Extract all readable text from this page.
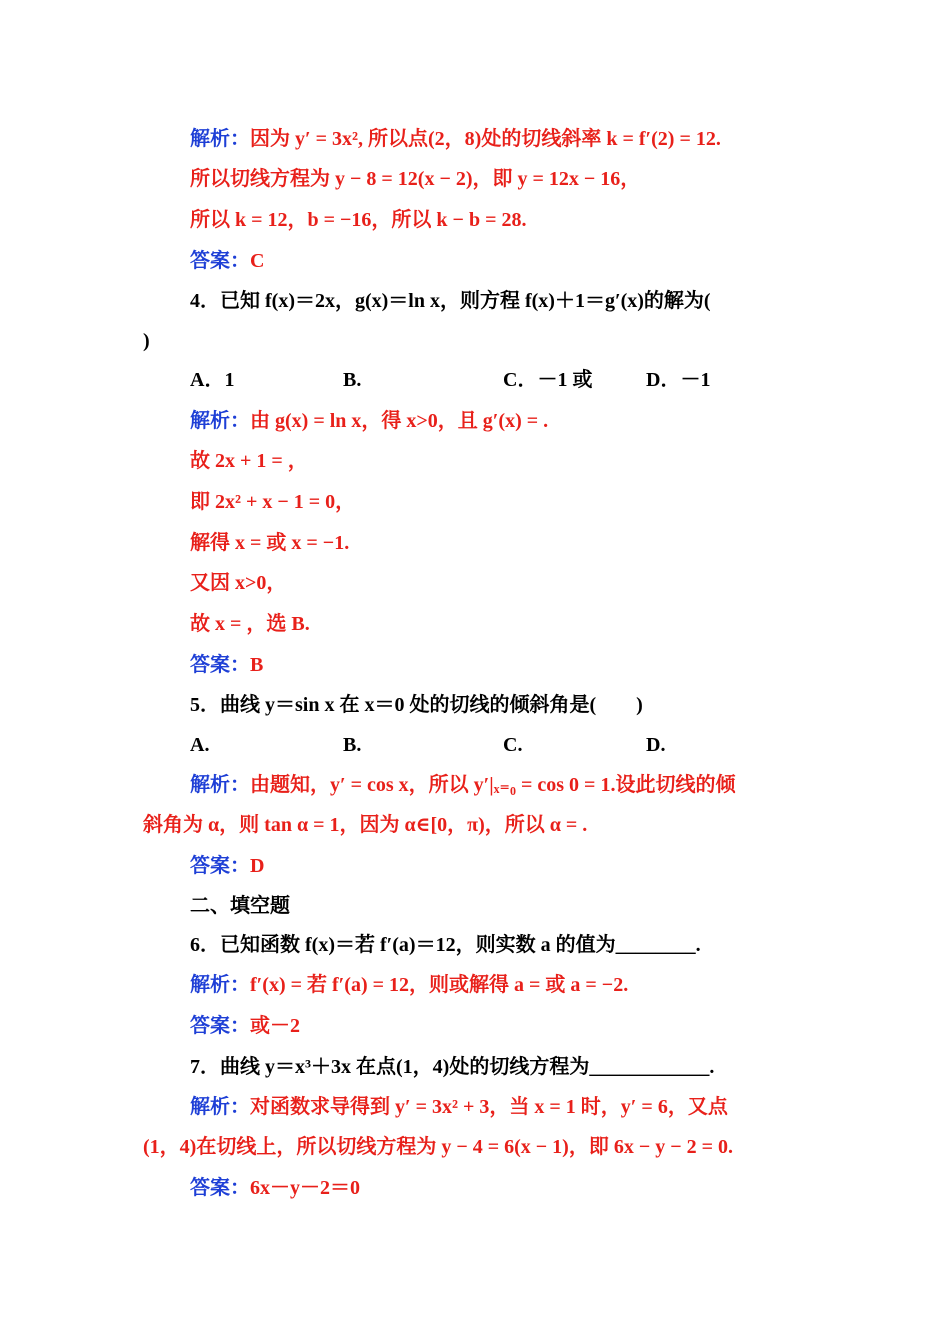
解析：因为 y′ = 3x², 所以点(2，8)处的切线斜率 k = f′(2) = 12.
所以切线方程为 y − 8 = 12(x − 2)，即 y = 12x − 16，
所以 k = 12，b = −16，所以 k − b = 28.
答案：C
4．已知 f(x)＝2x，g(x)＝ln x，则方程 f(x)＋1＝g′(x)的解为(
)
A．1	B.	C．－1 或	D．－1
解析：由 g(x) = ln x，得 x>0，且 g′(x) = .
故 2x + 1 = ，
即 2x² + x − 1 = 0，
解得 x = 或 x = −1.
又因 x>0，
故 x = ，选 B.
答案：B
5．曲线 y＝sin x 在 x＝0 处的切线的倾斜角是(　　)
A.	B.	C.	D.
解析：由题知，y′ = cos x，所以 y′|ₓ₌₀ = cos 0 = 1.设此切线的倾
斜角为 α，则 tan α = 1，因为 α∈[0，π)，所以 α = .
答案：D
二、填空题
6．已知函数 f(x)＝若 f′(a)＝12，则实数 a 的值为________.
解析：f′(x) = 若 f′(a) = 12，则或解得 a = 或 a = −2.
答案：或－2
7．曲线 y＝x³＋3x 在点(1，4)处的切线方程为____________.
解析：对函数求导得到 y′ = 3x² + 3，当 x = 1 时，y′ = 6，又点
(1，4)在切线上，所以切线方程为 y − 4 = 6(x − 1)，即 6x − y − 2 = 0.
答案：6x－y－2＝0
